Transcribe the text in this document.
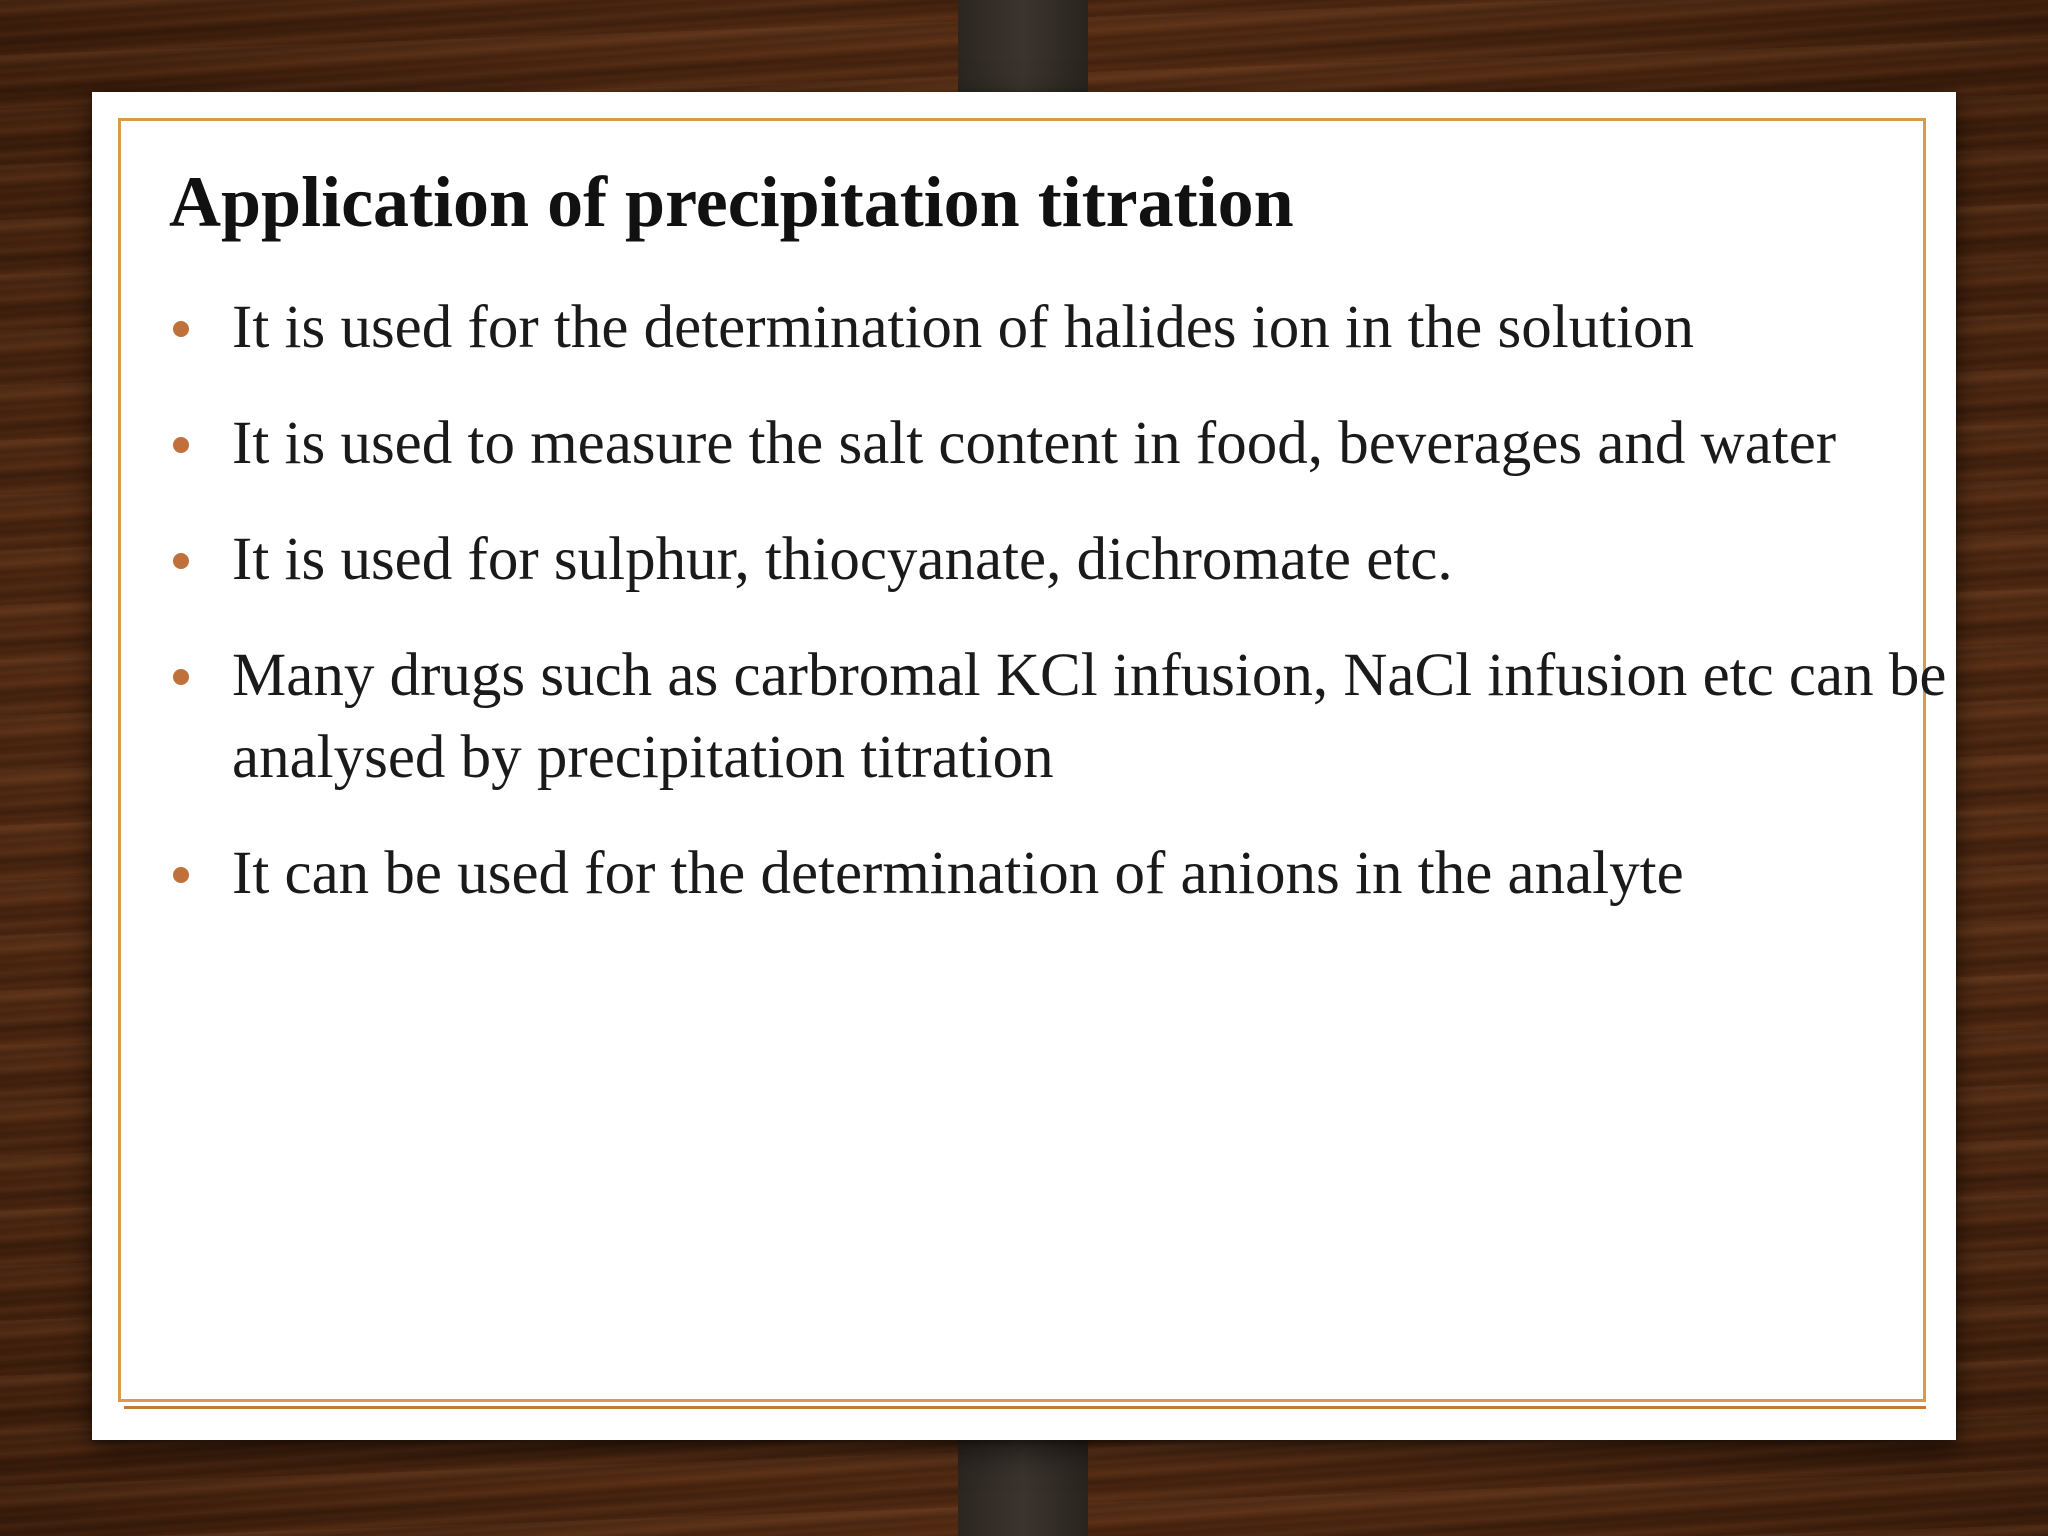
Application of precipitation titration
It is used for the determination of halides ion in the solution
It is used to measure the salt content in food, beverages and water
It is used for sulphur, thiocyanate, dichromate etc.
Many drugs such as carbromal KCl infusion, NaCl infusion etc can be analysed by precipitation titration
It can be used for the determination of anions in the analyte
